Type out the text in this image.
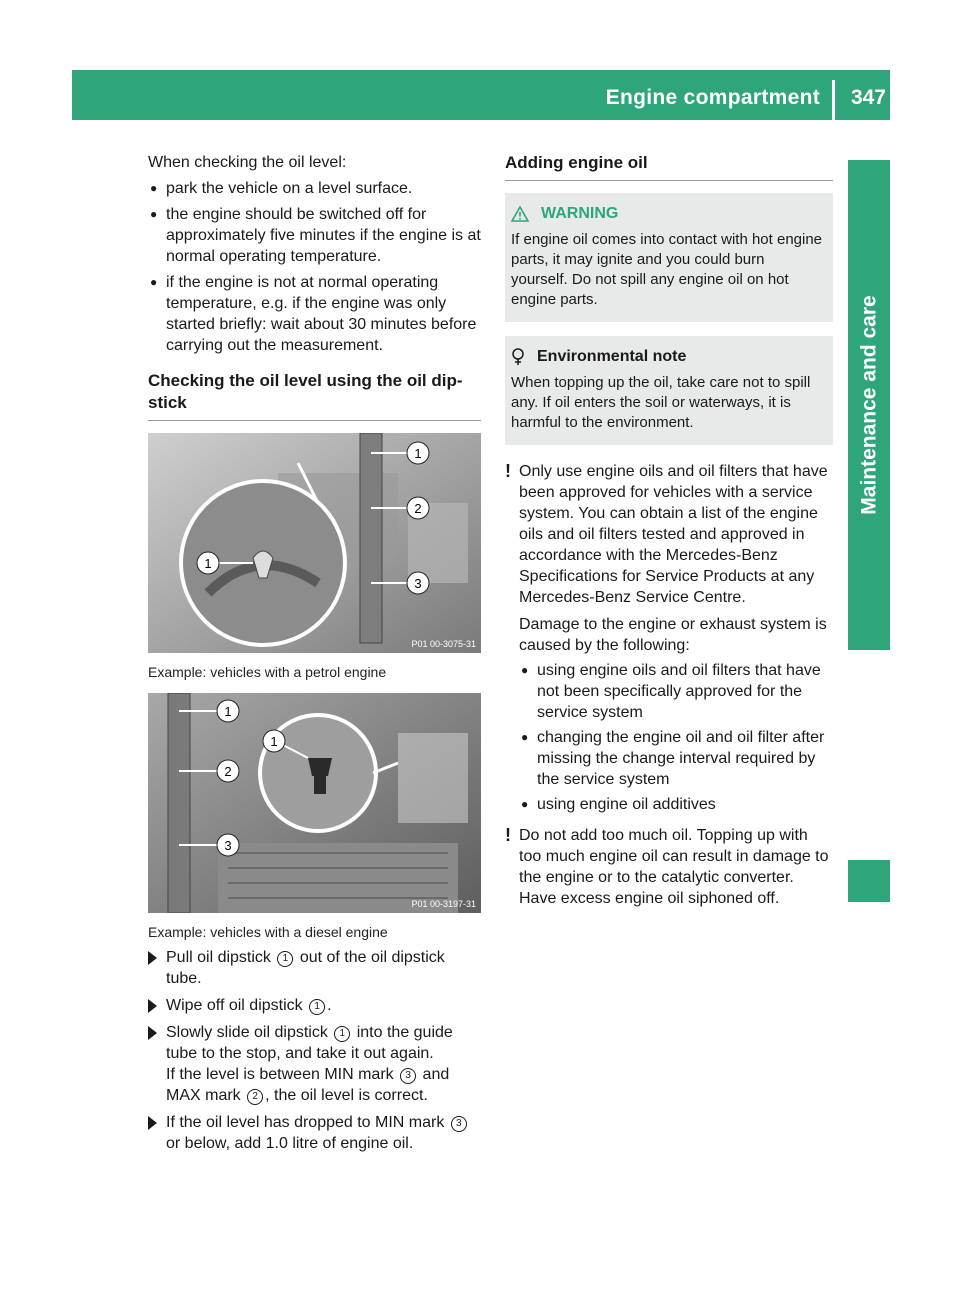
Engine compartment 347
Maintenance and care

When checking the oil level:

● park the vehicle on a level surface.
● the engine should be switched off for approximately five minutes if the engine is at normal operating temperature.
● if the engine is not at normal operating temperature, e.g. if the engine was only started briefly: wait about 30 minutes before carrying out the measurement.
Checking the oil level using the oil dip-stick
1
2
3
1
P01 00-3075-31
Example: vehicles with a petrol engine
1
2
3
1
P01 00-3197-31
Example: vehicles with a diesel engine
Pull oil dipstick 1 out of the oil dipstick tube.
Wipe off oil dipstick 1 .
Slowly slide oil dipstick 1 into the guide tube to the stop, and take it out again.
If the level is between MIN mark 3 and MAX mark 2 , the oil level is correct.
If the oil level has dropped to MIN mark 3 or below, add 1.0 litre of engine oil.
Adding engine oil
WARNING
If engine oil comes into contact with hot engine parts, it may ignite and you could burn yourself. Do not spill any engine oil on hot engine parts.
Environmental note
When topping up the oil, take care not to spill any. If oil enters the soil or waterways, it is harmful to the environment.
! Only use engine oils and oil filters that have been approved for vehicles with a service system. You can obtain a list of the engine oils and oil filters tested and approved in accordance with the Mercedes-Benz Specifications for Service Products at any Mercedes-Benz Service Centre.

Damage to the engine or exhaust system is caused by the following:

● using engine oils and oil filters that have not been specifically approved for the service system
● changing the engine oil and oil filter after missing the change interval required by the service system
● using engine oil additives
! Do not add too much oil. Topping up with too much engine oil can result in damage to the engine or to the catalytic converter. Have excess engine oil siphoned off.
